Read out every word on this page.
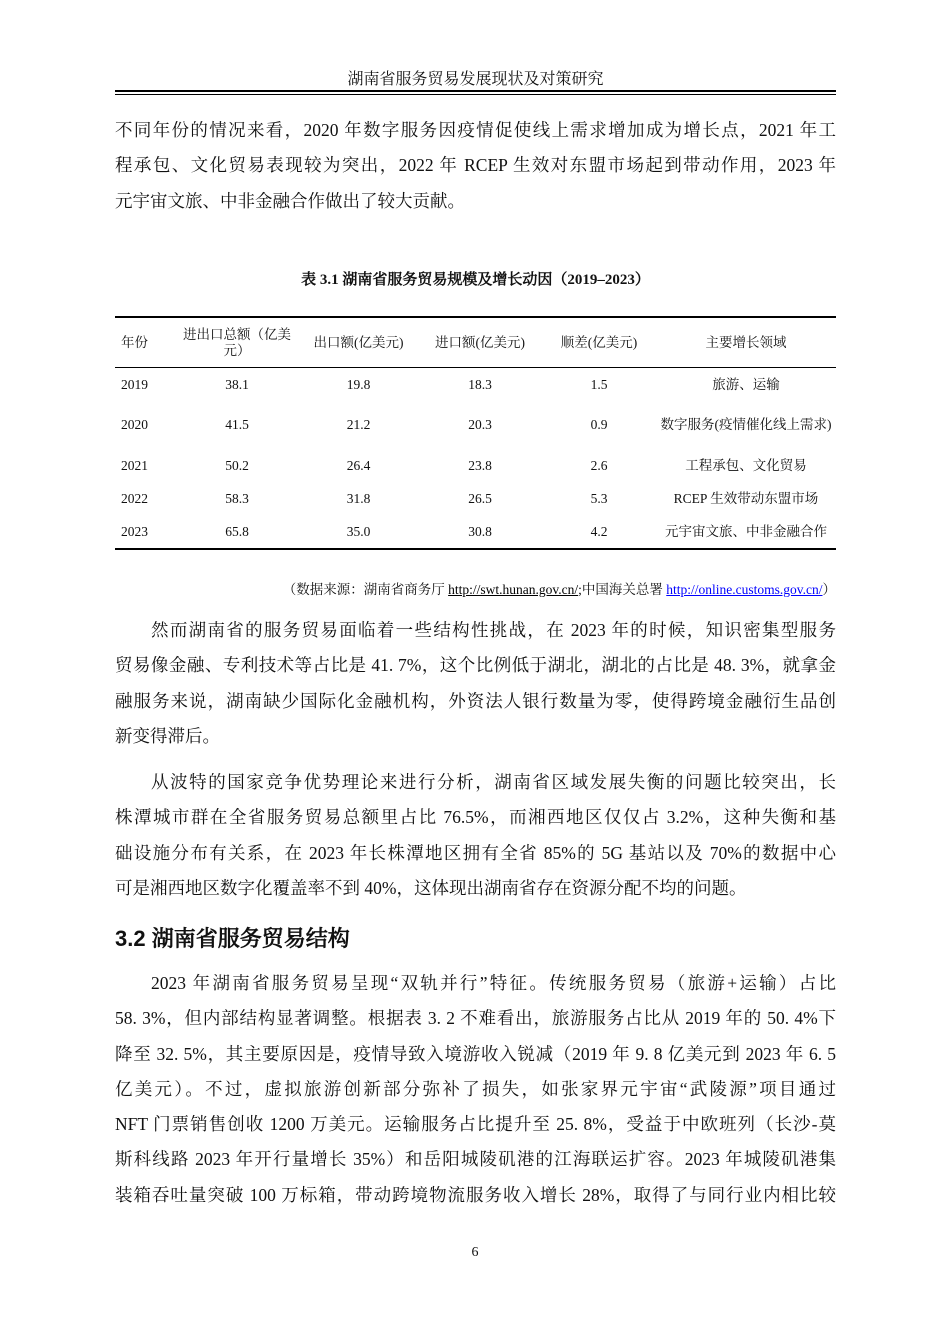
湖南省服务贸易发展现状及对策研究
不同年份的情况来看，2020 年数字服务因疫情促使线上需求增加成为增长点，2021 年工
程承包、文化贸易表现较为突出，2022 年 RCEP 生效对东盟市场起到带动作用，2023 年
元宇宙文旅、中非金融合作做出了较大贡献。
表 3.1 湖南省服务贸易规模及增长动因（2019–2023）
年份	进出口总额（亿美元）	出口额(亿美元)	进口额(亿美元)	顺差(亿美元)	主要增长领域
2019	38.1	19.8	18.3	1.5	旅游、运输
2020	41.5	21.2	20.3	0.9	数字服务(疫情催化线上需求)
2021	50.2	26.4	23.8	2.6	工程承包、文化贸易
2022	58.3	31.8	26.5	5.3	RCEP 生效带动东盟市场
2023	65.8	35.0	30.8	4.2	元宇宙文旅、中非金融合作
（数据来源：湖南省商务厅 http://swt.hunan.gov.cn/;中国海关总署 http://online.customs.gov.cn/）
然而湖南省的服务贸易面临着一些结构性挑战，在 2023 年的时候，知识密集型服务
贸易像金融、专利技术等占比是 41. 7%，这个比例低于湖北，湖北的占比是 48. 3%，就拿金
融服务来说，湖南缺少国际化金融机构，外资法人银行数量为零，使得跨境金融衍生品创
新变得滞后。
从波特的国家竞争优势理论来进行分析，湖南省区域发展失衡的问题比较突出，长
株潭城市群在全省服务贸易总额里占比 76.5%，而湘西地区仅仅占 3.2%，这种失衡和基
础设施分布有关系，在 2023 年长株潭地区拥有全省 85%的 5G 基站以及 70%的数据中心
可是湘西地区数字化覆盖率不到 40%，这体现出湖南省存在资源分配不均的问题。
3.2 湖南省服务贸易结构
2023 年湖南省服务贸易呈现“双轨并行”特征。传统服务贸易（旅游+运输）占比
58. 3%，但内部结构显著调整。根据表 3. 2 不难看出，旅游服务占比从 2019 年的 50. 4%下
降至 32. 5%，其主要原因是，疫情导致入境游收入锐减（2019 年 9. 8 亿美元到 2023 年 6. 5
亿美元）。不过，虚拟旅游创新部分弥补了损失，如张家界元宇宙“武陵源”项目通过
NFT 门票销售创收 1200 万美元。运输服务占比提升至 25. 8%，受益于中欧班列（长沙-莫
斯科线路 2023 年开行量增长 35%）和岳阳城陵矶港的江海联运扩容。2023 年城陵矶港集
装箱吞吐量突破 100 万标箱，带动跨境物流服务收入增长 28%，取得了与同行业内相比较
6
